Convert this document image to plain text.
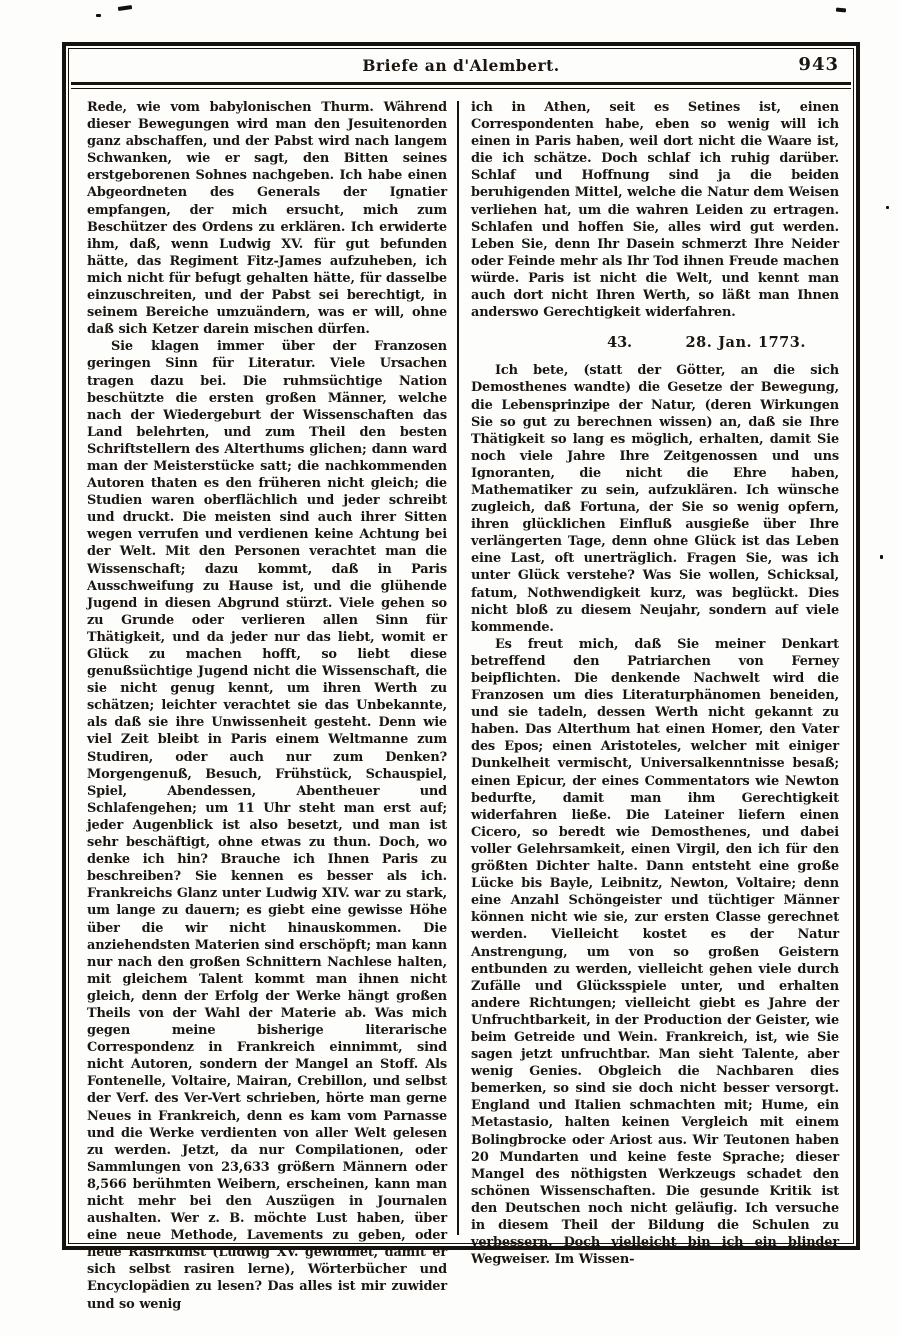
Briefe an d'Alembert.	943

Rede, wie vom babylonischen Thurm. Während dieser Bewegungen wird man den Jesuitenorden ganz abschaffen, und der Pabst wird nach langem Schwanken, wie er sagt, den Bitten seines erstgeborenen Sohnes nachgeben. Ich habe einen Abgeordneten des Generals der Ignatier empfangen, der mich ersucht, mich zum Beschützer des Ordens zu erklären. Ich erwiderte ihm, daß, wenn Ludwig XV. für gut befunden hätte, das Regiment Fitz-James aufzuheben, ich mich nicht für befugt gehalten hätte, für dasselbe einzuschreiten, und der Pabst sei berechtigt, in seinem Bereiche umzuändern, was er will, ohne daß sich Ketzer darein mischen dürfen.

Sie klagen immer über der Franzosen geringen Sinn für Literatur. Viele Ursachen tragen dazu bei. Die ruhmsüchtige Nation beschützte die ersten großen Männer, welche nach der Wiedergeburt der Wissenschaften das Land belehrten, und zum Theil den besten Schriftstellern des Alterthums glichen; dann ward man der Meisterstücke satt; die nachkommenden Autoren thaten es den früheren nicht gleich; die Studien waren oberflächlich und jeder schreibt und druckt. Die meisten sind auch ihrer Sitten wegen verrufen und verdienen keine Achtung bei der Welt. Mit den Personen verachtet man die Wissenschaft; dazu kommt, daß in Paris Ausschweifung zu Hause ist, und die glühende Jugend in diesen Abgrund stürzt. Viele gehen so zu Grunde oder verlieren allen Sinn für Thätigkeit, und da jeder nur das liebt, womit er Glück zu machen hofft, so liebt diese genußsüchtige Jugend nicht die Wissenschaft, die sie nicht genug kennt, um ihren Werth zu schätzen; leichter verachtet sie das Unbekannte, als daß sie ihre Unwissenheit gesteht. Denn wie viel Zeit bleibt in Paris einem Weltmanne zum Studiren, oder auch nur zum Denken? Morgengenuß, Besuch, Frühstück, Schauspiel, Spiel, Abendessen, Abentheuer und Schlafengehen; um 11 Uhr steht man erst auf; jeder Augenblick ist also besetzt, und man ist sehr beschäftigt, ohne etwas zu thun. Doch, wo denke ich hin? Brauche ich Ihnen Paris zu beschreiben? Sie kennen es besser als ich. Frankreichs Glanz unter Ludwig XIV. war zu stark, um lange zu dauern; es giebt eine gewisse Höhe über die wir nicht hinauskommen. Die anziehendsten Materien sind erschöpft; man kann nur nach den großen Schnittern Nachlese halten, mit gleichem Talent kommt man ihnen nicht gleich, denn der Erfolg der Werke hängt großen Theils von der Wahl der Materie ab. Was mich gegen meine bisherige literarische Correspondenz in Frankreich einnimmt, sind nicht Autoren, sondern der Mangel an Stoff. Als Fontenelle, Voltaire, Mairan, Crebillon, und selbst der Verf. des Ver-Vert schrieben, hörte man gerne Neues in Frankreich, denn es kam vom Parnasse und die Werke verdienten von aller Welt gelesen zu werden. Jetzt, da nur Compilationen, oder Sammlungen von 23,633 größern Männern oder 8,566 berühmten Weibern, erscheinen, kann man nicht mehr bei den Auszügen in Journalen aushalten. Wer z. B. möchte Lust haben, über eine neue Methode, Lavements zu geben, oder neue Rasirkunst (Ludwig XV. gewidmet, damit er sich selbst rasiren lerne), Wörterbücher und Encyclopädien zu lesen? Das alles ist mir zuwider und so wenig

ich in Athen, seit es Setines ist, einen Correspondenten habe, eben so wenig will ich einen in Paris haben, weil dort nicht die Waare ist, die ich schätze. Doch schlaf ich ruhig darüber. Schlaf und Hoffnung sind ja die beiden beruhigenden Mittel, welche die Natur dem Weisen verliehen hat, um die wahren Leiden zu ertragen. Schlafen und hoffen Sie, alles wird gut werden. Leben Sie, denn Ihr Dasein schmerzt Ihre Neider oder Feinde mehr als Ihr Tod ihnen Freude machen würde. Paris ist nicht die Welt, und kennt man auch dort nicht Ihren Werth, so läßt man Ihnen anderswo Gerechtigkeit widerfahren.

43.	28. Jan. 1773.

Ich bete, (statt der Götter, an die sich Demosthenes wandte) die Gesetze der Bewegung, die Lebensprinzipe der Natur, (deren Wirkungen Sie so gut zu berechnen wissen) an, daß sie Ihre Thätigkeit so lang es möglich, erhalten, damit Sie noch viele Jahre Ihre Zeitgenossen und uns Ignoranten, die nicht die Ehre haben, Mathematiker zu sein, aufzuklären. Ich wünsche zugleich, daß Fortuna, der Sie so wenig opfern, ihren glücklichen Einfluß ausgieße über Ihre verlängerten Tage, denn ohne Glück ist das Leben eine Last, oft unerträglich. Fragen Sie, was ich unter Glück verstehe? Was Sie wollen, Schicksal, fatum, Nothwendigkeit kurz, was beglückt. Dies nicht bloß zu diesem Neujahr, sondern auf viele kommende.

Es freut mich, daß Sie meiner Denkart betreffend den Patriarchen von Ferney beipflichten. Die denkende Nachwelt wird die Franzosen um dies Literaturphänomen beneiden, und sie tadeln, dessen Werth nicht gekannt zu haben. Das Alterthum hat einen Homer, den Vater des Epos; einen Aristoteles, welcher mit einiger Dunkelheit vermischt, Universalkenntnisse besaß; einen Epicur, der eines Commentators wie Newton bedurfte, damit man ihm Gerechtigkeit widerfahren ließe. Die Lateiner liefern einen Cicero, so beredt wie Demosthenes, und dabei voller Gelehrsamkeit, einen Virgil, den ich für den größten Dichter halte. Dann entsteht eine große Lücke bis Bayle, Leibnitz, Newton, Voltaire; denn eine Anzahl Schöngeister und tüchtiger Männer können nicht wie sie, zur ersten Classe gerechnet werden. Vielleicht kostet es der Natur Anstrengung, um von so großen Geistern entbunden zu werden, vielleicht gehen viele durch Zufälle und Glücksspiele unter, und erhalten andere Richtungen; vielleicht giebt es Jahre der Unfruchtbarkeit, in der Production der Geister, wie beim Getreide und Wein. Frankreich, ist, wie Sie sagen jetzt unfruchtbar. Man sieht Talente, aber wenig Genies. Obgleich die Nachbaren dies bemerken, so sind sie doch nicht besser versorgt. England und Italien schmachten mit; Hume, ein Metastasio, halten keinen Vergleich mit einem Bolingbrocke oder Ariost aus. Wir Teutonen haben 20 Mundarten und keine feste Sprache; dieser Mangel des nöthigsten Werkzeugs schadet den schönen Wissenschaften. Die gesunde Kritik ist den Deutschen noch nicht geläufig. Ich versuche in diesem Theil der Bildung die Schulen zu verbessern. Doch vielleicht bin ich ein blinder Wegweiser. Im Wissen-
